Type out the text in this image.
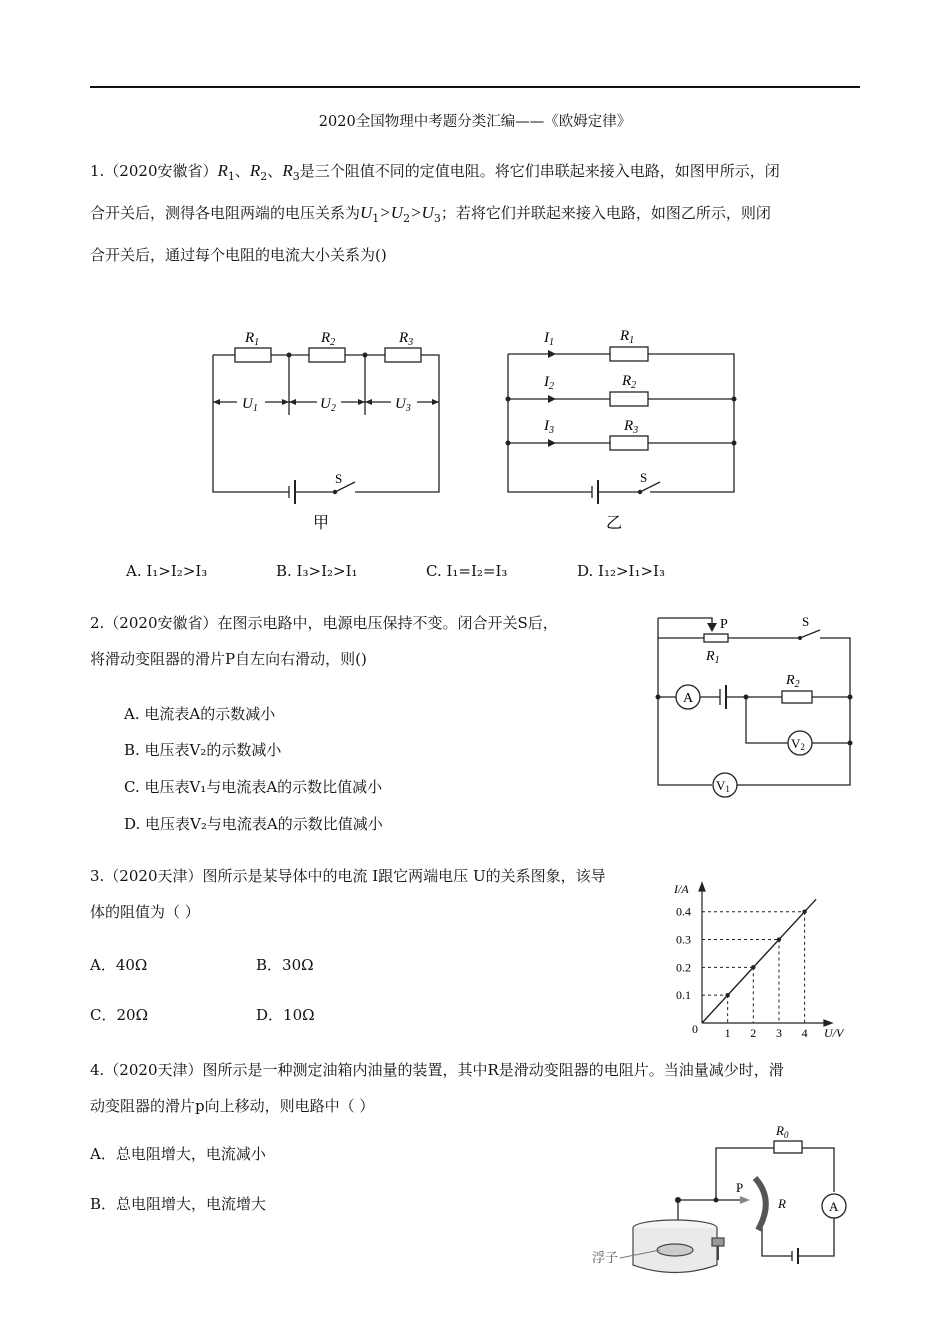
2020全国物理中考题分类汇编——《欧姆定律》
1.（2020安徽省）$R_1$、$R_2$、$R_3$是三个阻值不同的定值电阻。将它们串联起来接入电路，如图甲所示，闭
合开关后，测得各电阻两端的电压关系为$U_1>U_2>U_3$；若将它们并联起来接入电路，如图乙所示，则闭
合开关后，通过每个电阻的电流大小关系为()
$R_1$	$R_2$	$R_3$
$U_1$	$U_2$	$U_3$
S
甲
$I_1$
$I_2$
$I_3$
$R_1$
$R_2$
$R_3$
S
乙
A. I₁>I₂>I₃	B. I₃>I₂>I₁	C. I₁=I₂=I₃	D. I₁₂>I₁>I₃
2.（2020安徽省）在图示电路中，电源电压保持不变。闭合开关S后，
将滑动变阻器的滑片P自左向右滑动，则()
A. 电流表A的示数减小
B. 电压表V₂的示数减小
C. 电压表V₁与电流表A的示数比值减小
D. 电压表V₂与电流表A的示数比值减小
P	S
$R_1$
$R_2$
A
V2
V1
3.（2020天津）图所示是某导体中的电流 I跟它两端电压 U的关系图象，该导
体的阻值为（ ）
A．40Ω	B．30Ω
C．20Ω	D．10Ω
1 2 3 4
0.1
0.2
0.3
0.4
0	U/V
I/A
4.（2020天津）图所示是一种测定油箱内油量的装置，其中R是滑动变阻器的电阻片。当油量减少时，滑
动变阻器的滑片p向上移动，则电路中（ ）
A．总电阻增大，电流减小
B．总电阻增大，电流增大
$R_0$
P
R	A
浮子
